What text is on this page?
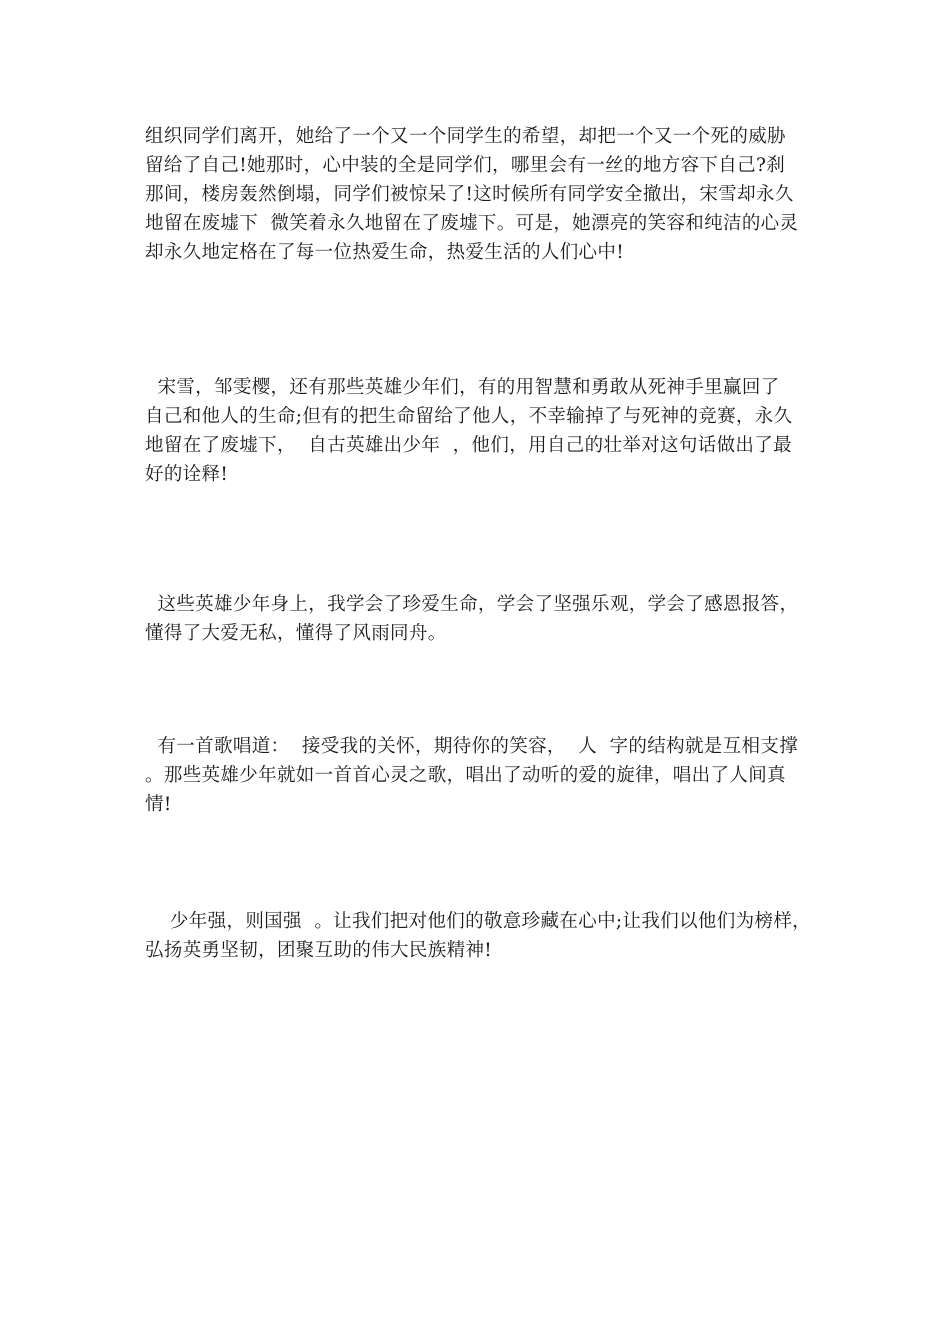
组织同学们离开，她给了一个又一个同学生的希望，却把一个又一个死的威胁
留给了自己!她那时，心中装的全是同学们，哪里会有一丝的地方容下自己?刹
那间，楼房轰然倒塌，同学们被惊呆了!这时候所有同学安全撤出，宋雪却永久
地留在废墟下  微笑着永久地留在了废墟下。可是，她漂亮的笑容和纯洁的心灵
却永久地定格在了每一位热爱生命，热爱生活的人们心中!
宋雪，邹雯樱，还有那些英雄少年们，有的用智慧和勇敢从死神手里赢回了
自己和他人的生命;但有的把生命留给了他人，不幸输掉了与死神的竞赛，永久
地留在了废墟下，  自古英雄出少年  ，他们，用自己的壮举对这句话做出了最
好的诠释!
这些英雄少年身上，我学会了珍爱生命，学会了坚强乐观，学会了感恩报答，
懂得了大爱无私，懂得了风雨同舟。
有一首歌唱道：  接受我的关怀，期待你的笑容，  人  字的结构就是互相支撑
。那些英雄少年就如一首首心灵之歌，唱出了动听的爱的旋律，唱出了人间真
情!
少年强，则国强  。让我们把对他们的敬意珍藏在心中;让我们以他们为榜样，
弘扬英勇坚韧，团聚互助的伟大民族精神!
